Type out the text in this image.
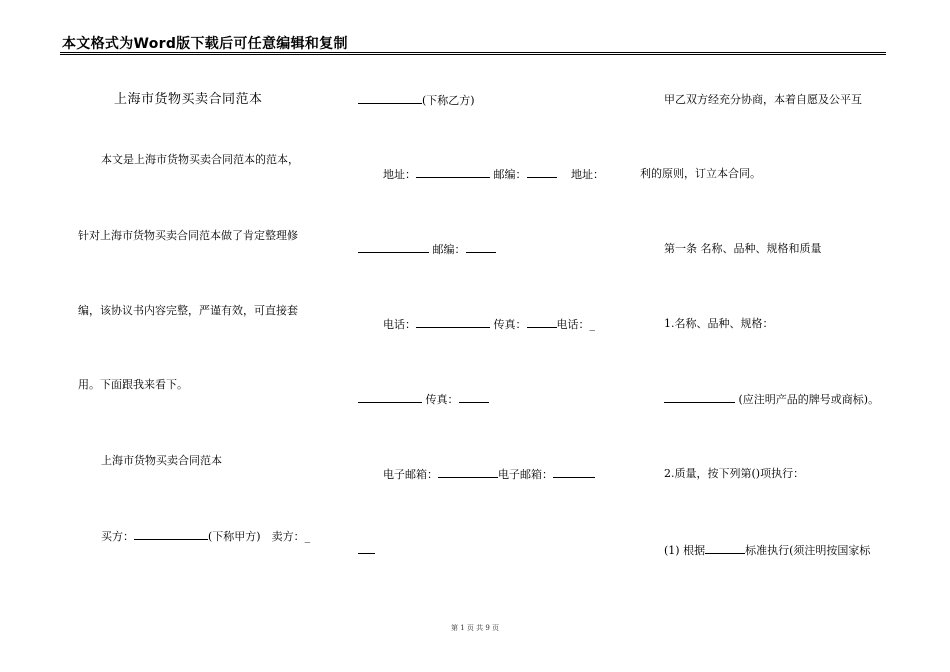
本文格式为Word版下载后可任意编辑和复制
上海市货物买卖合同范本
本文是上海市货物买卖合同范本的范本，
针对上海市货物买卖合同范本做了肯定整理修
编，该协议书内容完整，严谨有效，可直接套
用。下面跟我来看下。
上海市货物买卖合同范本
买方：	(下称甲方)　卖方：_
(下称乙方)
地址：	邮编：　	地址：
邮编：
电话：	传真：	电话：_
传真：
电子邮箱：	电子邮箱：
甲乙双方经充分协商，本着自愿及公平互
利的原则，订立本合同。
第一条 名称、品种、规格和质量
1.名称、品种、规格：
(应注明产品的牌号或商标)。
2.质量，按下列第()项执行：
(1) 根据	标准执行(须注明按国家标
第 1 页 共 9 页
